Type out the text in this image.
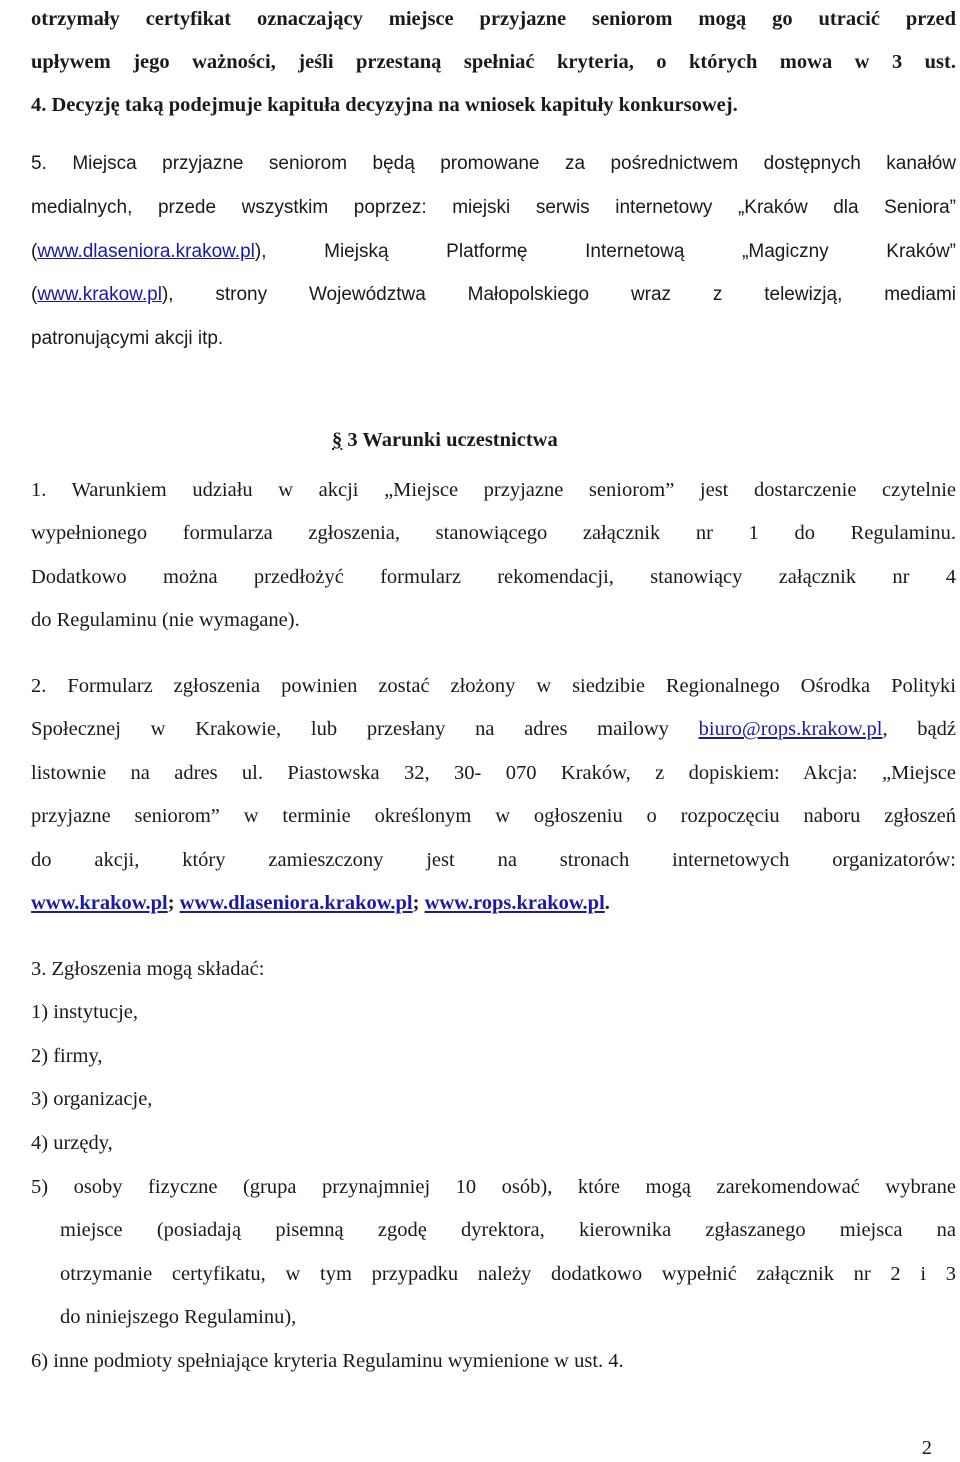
otrzymały certyfikat oznaczający miejsce przyjazne seniorom mogą go utracić przed
upływem jego ważności, jeśli przestaną spełniać kryteria, o których mowa w 3 ust.
4. Decyzję taką podejmuje kapituła decyzyjna na wniosek kapituły konkursowej.
5. Miejsca przyjazne seniorom będą promowane za pośrednictwem dostępnych kanałów
medialnych, przede wszystkim poprzez: miejski serwis internetowy „Kraków dla Seniora”
(www.dlaseniora.krakow.pl), Miejską Platformę Internetową „Magiczny Kraków”
(www.krakow.pl), strony Województwa Małopolskiego wraz z telewizją, mediami
patronującymi akcji itp.
§ 3 Warunki uczestnictwa
1. Warunkiem udziału w akcji „Miejsce przyjazne seniorom” jest dostarczenie czytelnie
wypełnionego formularza zgłoszenia, stanowiącego załącznik nr 1 do Regulaminu.
Dodatkowo można przedłożyć formularz rekomendacji, stanowiący załącznik nr 4
do Regulaminu (nie wymagane).
2. Formularz zgłoszenia powinien zostać złożony w siedzibie Regionalnego Ośrodka Polityki
Społecznej w Krakowie, lub przesłany na adres mailowy biuro@rops.krakow.pl, bądź
listownie na adres ul. Piastowska 32, 30- 070 Kraków, z dopiskiem: Akcja: „Miejsce
przyjazne seniorom” w terminie określonym w ogłoszeniu o rozpoczęciu naboru zgłoszeń
do akcji, który zamieszczony jest na stronach internetowych organizatorów:
www.krakow.pl; www.dlaseniora.krakow.pl; www.rops.krakow.pl.
3. Zgłoszenia mogą składać:
1) instytucje,
2) firmy,
3) organizacje,
4) urzędy,
5) osoby fizyczne (grupa przynajmniej 10 osób), które mogą zarekomendować wybrane
miejsce (posiadają pisemną zgodę dyrektora, kierownika zgłaszanego miejsca na
otrzymanie certyfikatu, w tym przypadku należy dodatkowo wypełnić załącznik nr 2 i 3
do niniejszego Regulaminu),
6) inne podmioty spełniające kryteria Regulaminu wymienione w ust. 4.
2
